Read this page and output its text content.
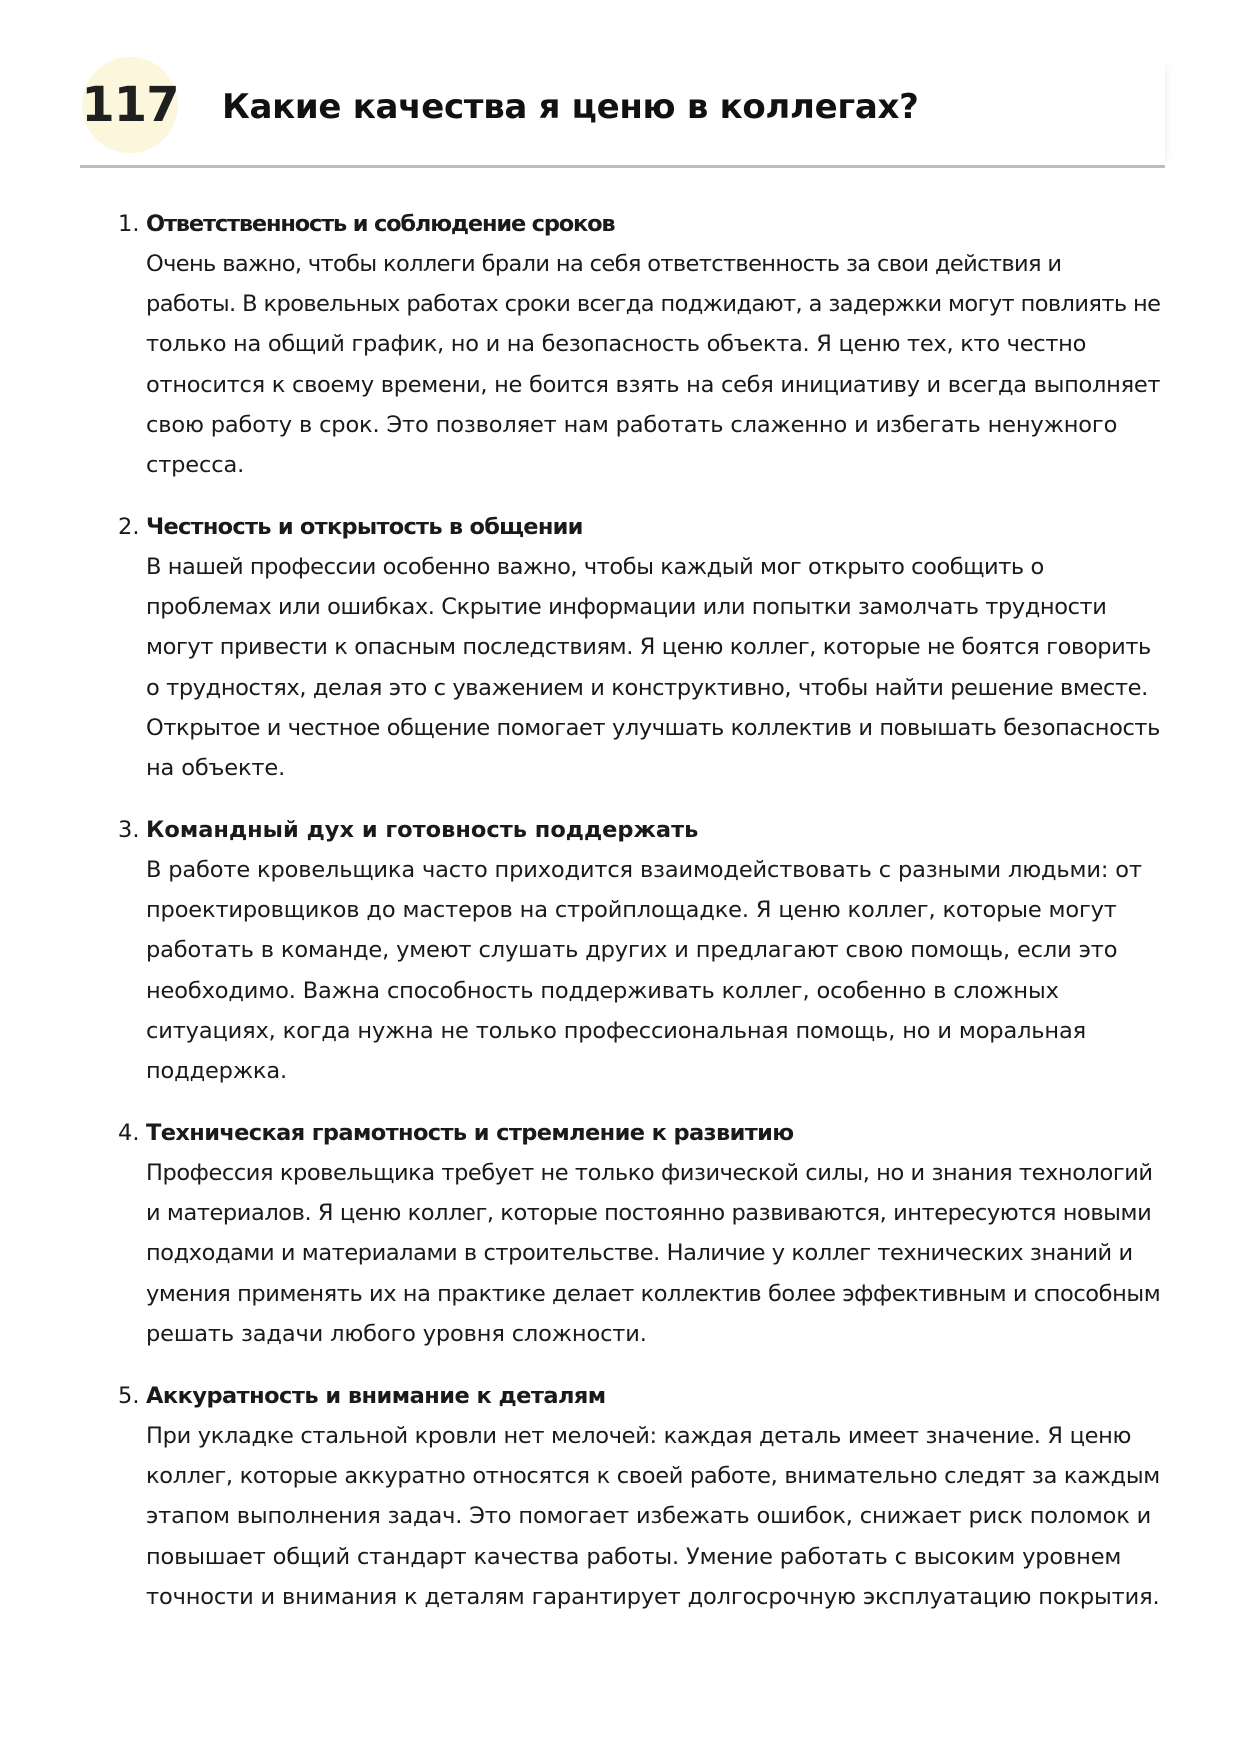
117 Какие качества я ценю в коллегах?
1. Ответственность и соблюдение сроков

Очень важно, чтобы коллеги брали на себя ответственность за свои действия и
работы. В кровельных работах сроки всегда поджидают, а задержки могут повлиять не
только на общий график, но и на безопасность объекта. Я ценю тех, кто честно
относится к своему времени, не боится взять на себя инициативу и всегда выполняет
свою работу в срок. Это позволяет нам работать слаженно и избегать ненужного
стресса.

2. Честность и открытость в общении

В нашей профессии особенно важно, чтобы каждый мог открыто сообщить о
проблемах или ошибках. Скрытие информации или попытки замолчать трудности
могут привести к опасным последствиям. Я ценю коллег, которые не боятся говорить
о трудностях, делая это с уважением и конструктивно, чтобы найти решение вместе.
Открытое и честное общение помогает улучшать коллектив и повышать безопасность
на объекте.

3. Командный дух и готовность поддержать

В работе кровельщика часто приходится взаимодействовать с разными людьми: от
проектировщиков до мастеров на стройплощадке. Я ценю коллег, которые могут
работать в команде, умеют слушать других и предлагают свою помощь, если это
необходимо. Важна способность поддерживать коллег, особенно в сложных
ситуациях, когда нужна не только профессиональная помощь, но и моральная
поддержка.

4. Техническая грамотность и стремление к развитию

Профессия кровельщика требует не только физической силы, но и знания технологий
и материалов. Я ценю коллег, которые постоянно развиваются, интересуются новыми
подходами и материалами в строительстве. Наличие у коллег технических знаний и
умения применять их на практике делает коллектив более эффективным и способным
решать задачи любого уровня сложности.

5. Аккуратность и внимание к деталям

При укладке стальной кровли нет мелочей: каждая деталь имеет значение. Я ценю
коллег, которые аккуратно относятся к своей работе, внимательно следят за каждым
этапом выполнения задач. Это помогает избежать ошибок, снижает риск поломок и
повышает общий стандарт качества работы. Умение работать с высоким уровнем
точности и внимания к деталям гарантирует долгосрочную эксплуатацию покрытия.
